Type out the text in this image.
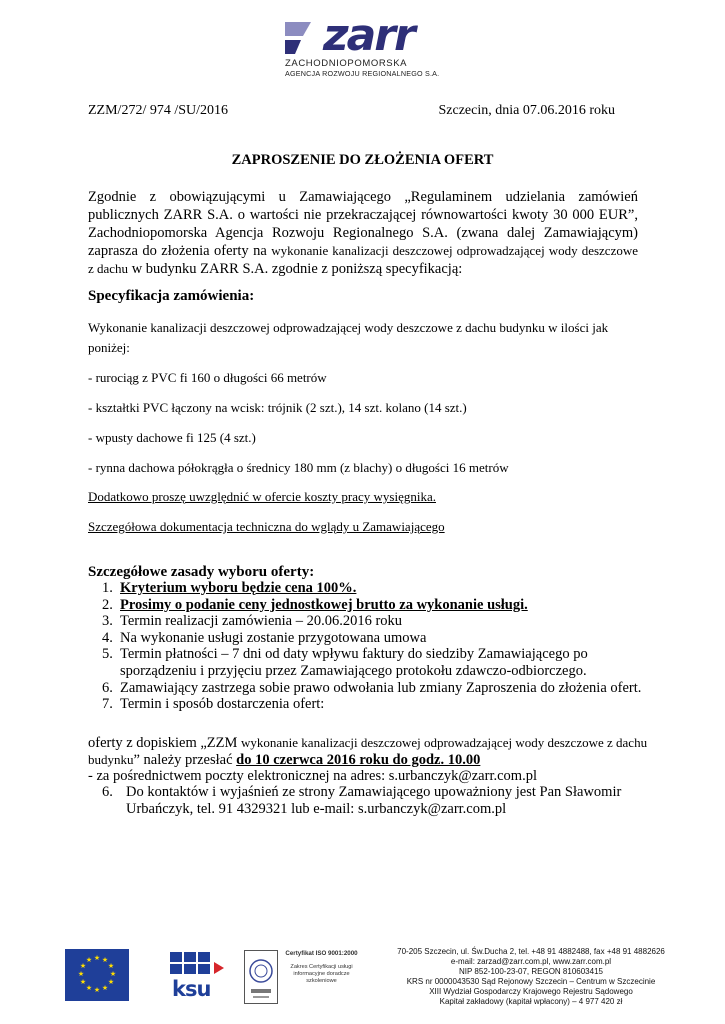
zarr
ZACHODNIOPOMORSKA
AGENCJA ROZWOJU REGIONALNEGO S.A.
ZZM/272/ 974 /SU/2016	Szczecin, dnia 07.06.2016 roku
ZAPROSZENIE DO ZŁOŻENIA OFERT
Zgodnie z obowiązującymi u Zamawiającego „Regulaminem udzielania zamówień publicznych ZARR S.A. o wartości nie przekraczającej równowartości kwoty 30 000 EUR”, Zachodniopomorska Agencja Rozwoju Regionalnego S.A. (zwana dalej Zamawiającym) zaprasza do złożenia oferty na wykonanie kanalizacji deszczowej odprowadzającej wody deszczowe z dachu w budynku ZARR S.A. zgodnie z poniższą specyfikacją:
Specyfikacja zamówienia:
Wykonanie kanalizacji deszczowej odprowadzającej wody deszczowe z dachu budynku w ilości jak poniżej:
- rurociąg z PVC fi 160 o długości 66 metrów
- kształtki PVC łączony na wcisk: trójnik (2 szt.), 14 szt. kolano (14 szt.)
- wpusty dachowe fi 125 (4 szt.)
- rynna dachowa półokrągła o średnicy 180 mm (z blachy) o długości 16 metrów
Dodatkowo proszę uwzględnić w ofercie koszty pracy wysięgnika.
Szczegółowa dokumentacja techniczna do wglądy u Zamawiającego
Szczegółowe zasady wyboru oferty:
1. Kryterium wyboru będzie cena 100%.
2. Prosimy o podanie ceny jednostkowej brutto za wykonanie usługi.
3. Termin realizacji zamówienia – 20.06.2016 roku
4. Na wykonanie usługi zostanie przygotowana umowa
5. Termin płatności – 7 dni od daty wpływu faktury do siedziby Zamawiającego po sporządzeniu i przyjęciu przez Zamawiającego protokołu zdawczo-odbiorczego.
6. Zamawiający zastrzega sobie prawo odwołania lub zmiany Zaproszenia do złożenia ofert.
7. Termin i sposób dostarczenia ofert:
oferty z dopiskiem „ZZM wykonanie kanalizacji deszczowej odprowadzającej wody deszczowe z dachu budynku” należy przesłać do 10 czerwca 2016 roku do godz. 10.00
- za pośrednictwem poczty elektronicznej na adres: s.urbanczyk@zarr.com.pl
6. Do kontaktów i wyjaśnień ze strony Zamawiającego upoważniony jest Pan Sławomir Urbańczyk, tel. 91 4329321 lub e-mail: s.urbanczyk@zarr.com.pl
★ ★
★
★
★
★
★
★
★
★
★
★
ksu
Certyfikat ISO 9001:2000
Zakres Certyfikacji usługi informacyjne doradcze szkoleniowe
70-205 Szczecin, ul. Św.Ducha 2, tel. +48 91 4882488, fax +48 91 4882626
e-mail: zarzad@zarr.com.pl, www.zarr.com.pl
NIP 852-100-23-07, REGON 810603415
KRS nr 0000043530 Sąd Rejonowy Szczecin – Centrum w Szczecinie
XIII Wydział Gospodarczy Krajowego Rejestru Sądowego
Kapitał zakładowy (kapitał wpłacony) – 4 977 420 zł
